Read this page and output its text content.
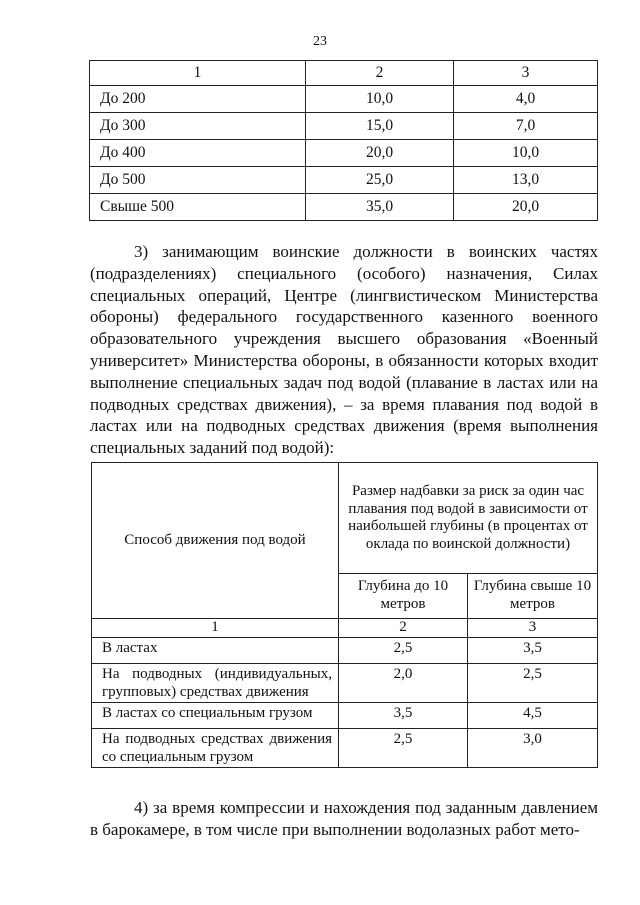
23
1	2	3
До 200	10,0	4,0
До 300	15,0	7,0
До 400	20,0	10,0
До 500	25,0	13,0
Свыше 500	35,0	20,0

3) занимающим воинские должности в воинских частях (подразделениях) специального (особого) назначения, Силах специальных операций, Центре (лингвистическом Министерства обороны) федерального государственного казенного военного образовательного учреждения высшего образования «Военный университет» Министерства обороны, в обязанности которых входит выполнение специальных задач под водой (плавание в ластах или на подводных средствах движения), – за время плавания под водой в ластах или на подводных средствах движения (время выполнения специальных заданий под водой):

Способ движения под водой	Размер надбавки за риск за один час плавания под водой в зависимости от наибольшей глубины (в процентах от оклада по воинской должности)	
	Глубина до 10 метров	Глубина свыше 10 метров
1	2	3
В ластах	2,5	3,5
На подводных (индивидуальных, групповых) средствах движения	2,0	2,5
В ластах со специальным грузом	3,5	4,5
На подводных средствах движения со специальным грузом	2,5	3,0

4) за время компрессии и нахождения под заданным давлением в барокамере, в том числе при выполнении водолазных работ мето-
